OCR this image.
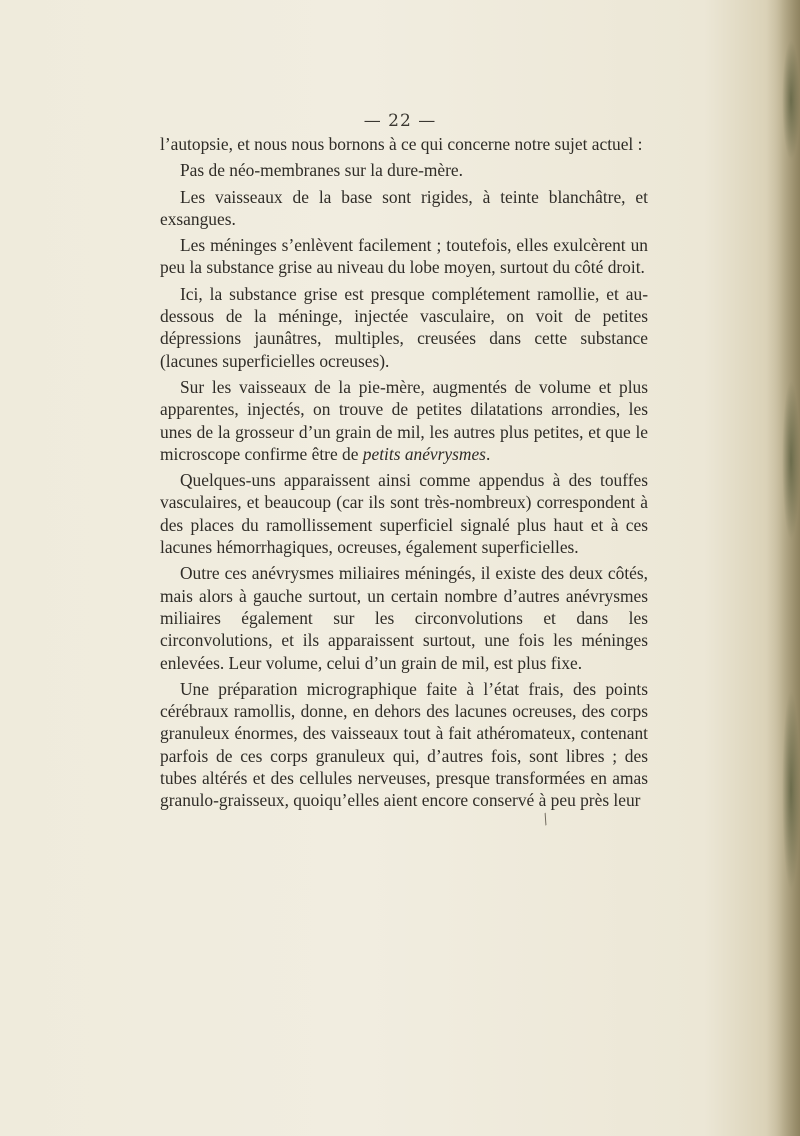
— 22 —

l’autopsie, et nous nous bornons à ce qui concerne notre sujet actuel :

Pas de néo-membranes sur la dure-mère.

Les vaisseaux de la base sont rigides, à teinte blanchâtre, et exsangues.

Les méninges s’enlèvent facilement ; toutefois, elles exulcèrent un peu la substance grise au niveau du lobe moyen, surtout du côté droit.

Ici, la substance grise est presque complétement ramollie, et au-dessous de la méninge, injectée vasculaire, on voit de petites dépressions jaunâtres, multiples, creusées dans cette substance (lacunes superficielles ocreuses).

Sur les vaisseaux de la pie-mère, augmentés de volume et plus apparentes, injectés, on trouve de petites dilatations arrondies, les unes de la grosseur d’un grain de mil, les autres plus petites, et que le microscope confirme être de petits anévrysmes.

Quelques-uns apparaissent ainsi comme appendus à des touffes vasculaires, et beaucoup (car ils sont très-nombreux) correspondent à des places du ramollissement superficiel signalé plus haut et à ces lacunes hémorrhagiques, ocreuses, également superficielles.

Outre ces anévrysmes miliaires méningés, il existe des deux côtés, mais alors à gauche surtout, un certain nombre d’autres anévrysmes miliaires également sur les circonvolutions et dans les circonvolutions, et ils apparaissent surtout, une fois les méninges enlevées. Leur volume, celui d’un grain de mil, est plus fixe.

Une préparation micrographique faite à l’état frais, des points cérébraux ramollis, donne, en dehors des lacunes ocreuses, des corps granuleux énormes, des vaisseaux tout à fait athéromateux, contenant parfois de ces corps granuleux qui, d’autres fois, sont libres ; des tubes altérés et des cellules nerveuses, presque transformées en amas granulo-graisseux, quoiqu’elles aient encore conservé à peu près leur

⁄
